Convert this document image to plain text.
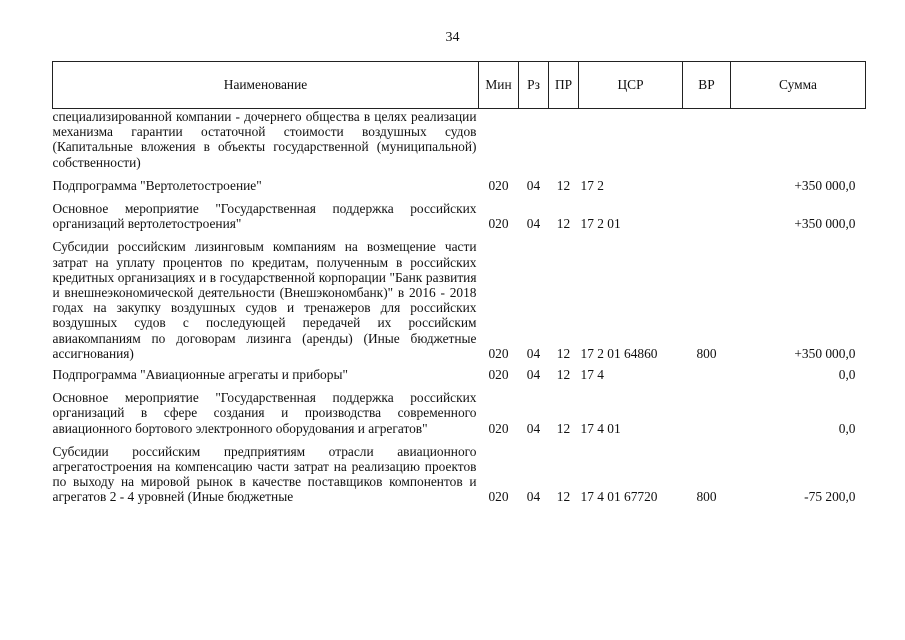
34
Наименование	Мин	Рз	ПР	ЦСР	ВР	Сумма
специализированной компании - дочернего общества в целях реализации механизма гарантии остаточной стоимости воздушных судов (Капитальные вложения в объекты государственной (муниципальной) собственности)						
Подпрограмма "Вертолетостроение"	020	04	12	17 2		+350 000,0
Основное мероприятие "Государственная поддержка российских организаций вертолетостроения"	020	04	12	17 2 01		+350 000,0
Субсидии российским лизинговым компаниям на возмещение части затрат на уплату процентов по кредитам, полученным в российских кредитных организациях и в государственной корпорации "Банк развития и внешнеэкономической деятельности (Внешэкономбанк)" в 2016 - 2018 годах на закупку воздушных судов и тренажеров для российских воздушных судов с последующей передачей их российским авиакомпаниям по договорам лизинга (аренды) (Иные бюджетные ассигнования)	020	04	12	17 2 01 64860	800	+350 000,0
Подпрограмма "Авиационные агрегаты и приборы"	020	04	12	17 4		0,0
Основное мероприятие "Государственная поддержка российских организаций в сфере создания и производства современного авиационного бортового электронного оборудования и агрегатов"	020	04	12	17 4 01		0,0
Субсидии российским предприятиям отрасли авиационного агрегатостроения на компенсацию части затрат на реализацию проектов по выходу на мировой рынок в качестве поставщиков компонентов и агрегатов 2 - 4 уровней (Иные бюджетные	020	04	12	17 4 01 67720	800	-75 200,0
